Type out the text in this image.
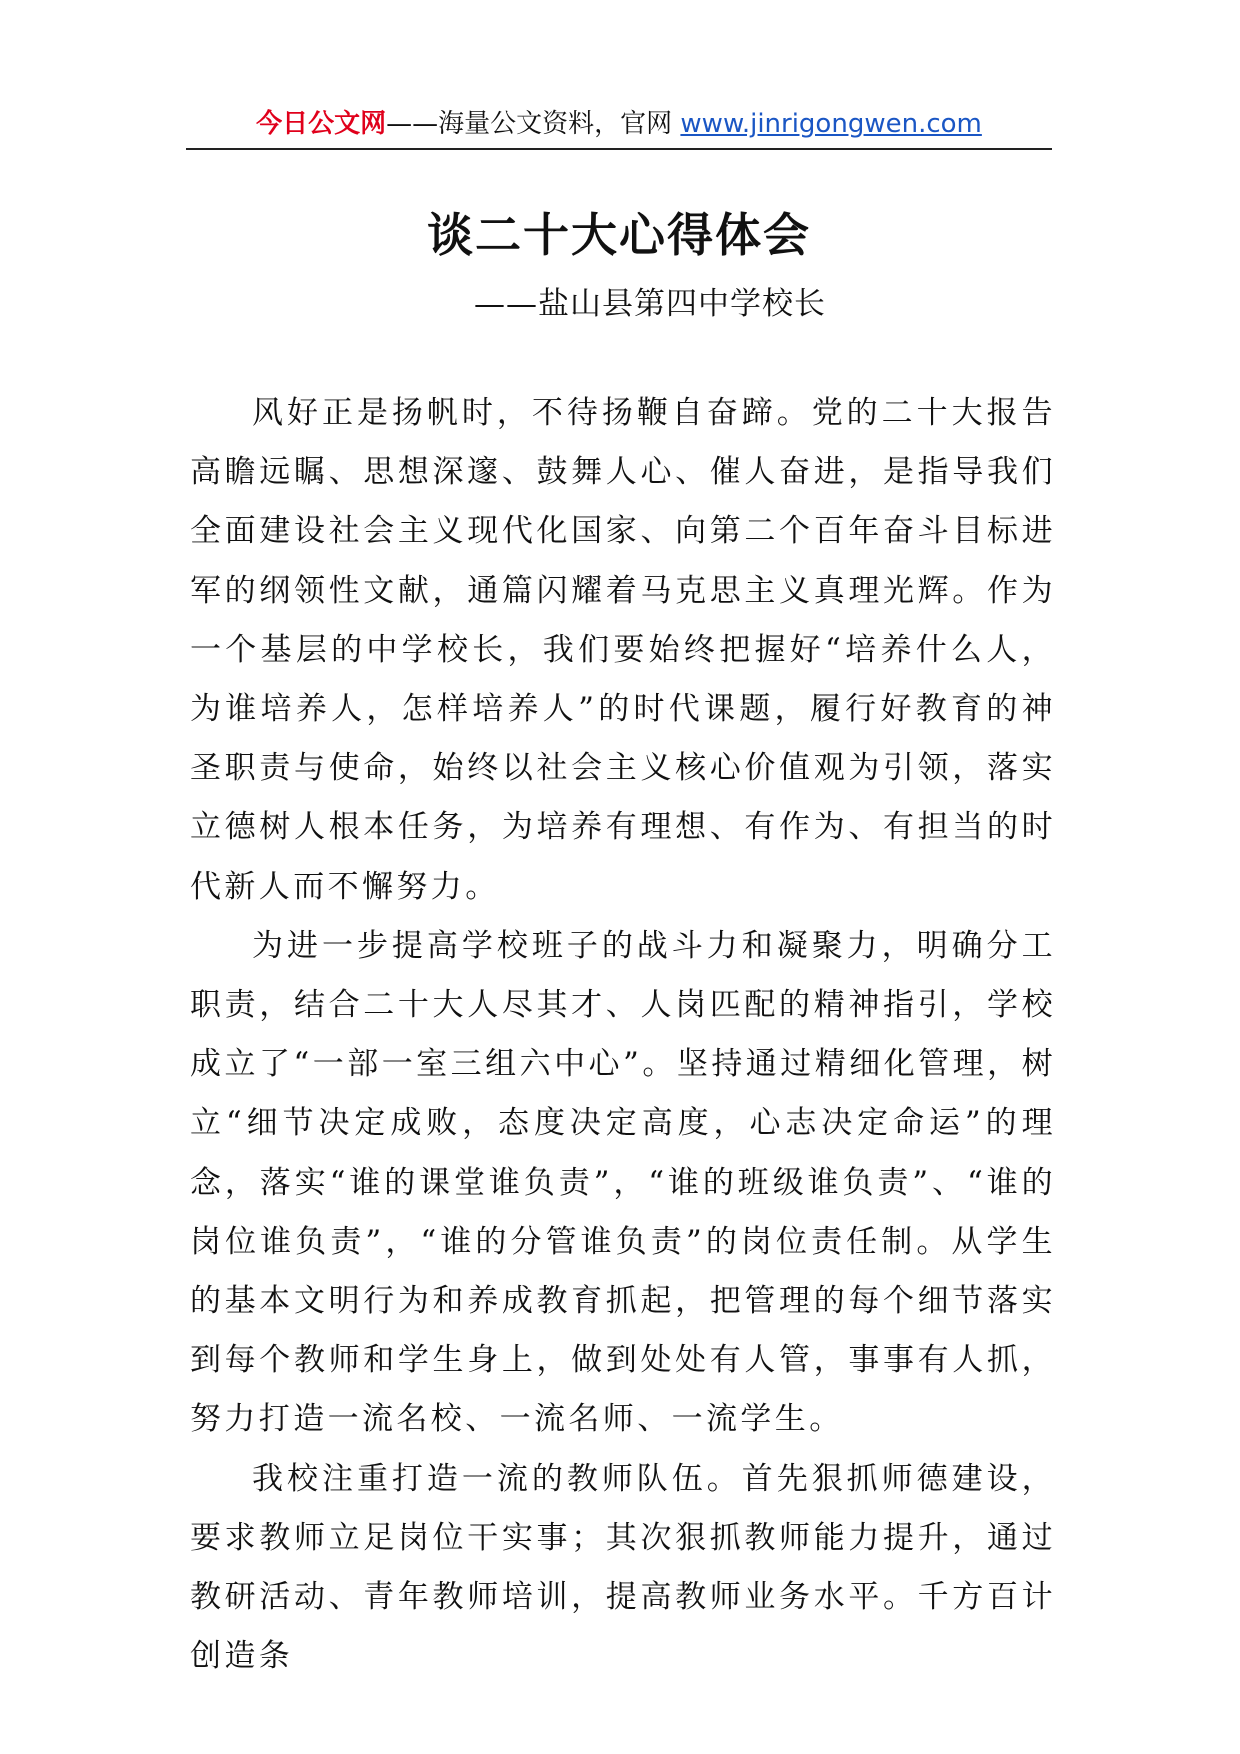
今日公文网——海量公文资料，官网 www.jinrigongwen.com
谈二十大心得体会
——盐山县第四中学校长

风好正是扬帆时，不待扬鞭自奋蹄。党的二十大报告高瞻远瞩、思想深邃、鼓舞人心、催人奋进，是指导我们全面建设社会主义现代化国家、向第二个百年奋斗目标进军的纲领性文献，通篇闪耀着马克思主义真理光辉。作为一个基层的中学校长，我们要始终把握好“培养什么人，为谁培养人，怎样培养人”的时代课题，履行好教育的神圣职责与使命，始终以社会主义核心价值观为引领，落实立德树人根本任务，为培养有理想、有作为、有担当的时代新人而不懈努力。

为进一步提高学校班子的战斗力和凝聚力，明确分工职责，结合二十大人尽其才、人岗匹配的精神指引，学校成立了“一部一室三组六中心”。坚持通过精细化管理，树立“细节决定成败，态度决定高度，心志决定命运”的理念，落实“谁的课堂谁负责”，“谁的班级谁负责”、“谁的岗位谁负责”，“谁的分管谁负责”的岗位责任制。从学生的基本文明行为和养成教育抓起，把管理的每个细节落实到每个教师和学生身上，做到处处有人管，事事有人抓，努力打造一流名校、一流名师、一流学生。

我校注重打造一流的教师队伍。首先狠抓师德建设，要求教师立足岗位干实事；其次狠抓教师能力提升，通过教研活动、青年教师培训，提高教师业务水平。千方百计创造条
